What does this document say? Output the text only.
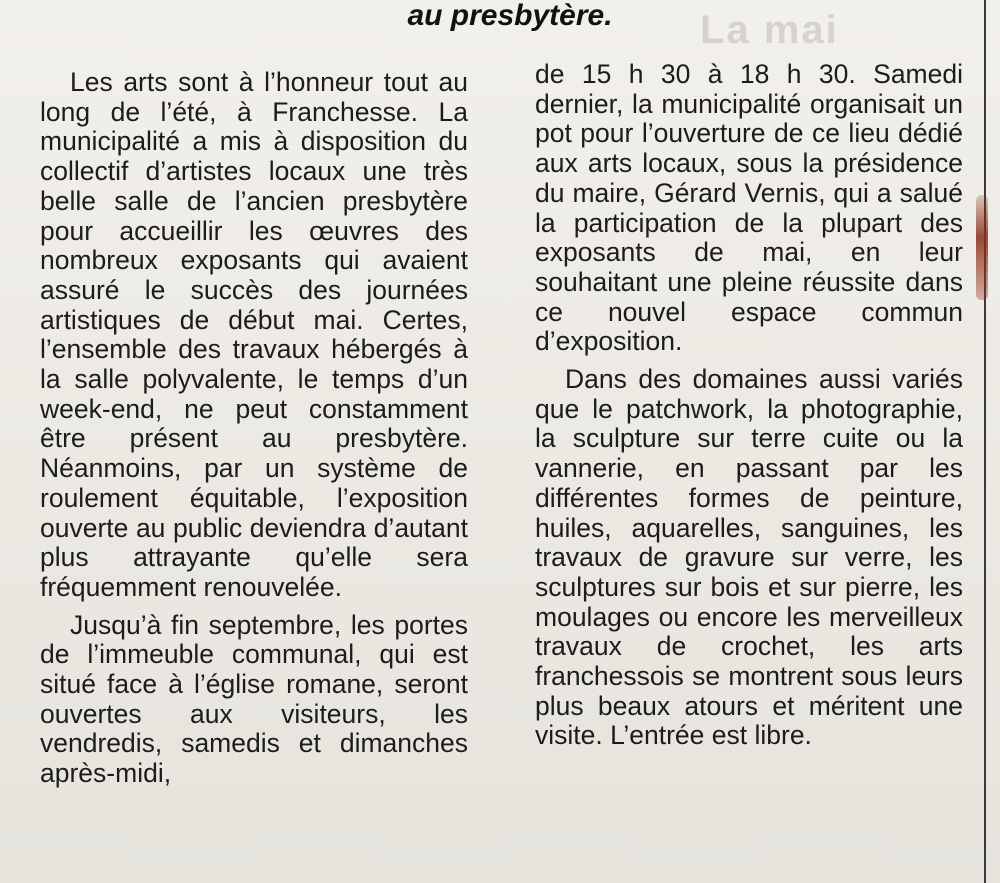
La mai
au presbytère.

Les arts sont à l’honneur tout au long de l’été, à Franchesse. La municipalité a mis à disposition du collectif d’artistes locaux une très belle salle de l’ancien presbytère pour accueillir les œuvres des nombreux exposants qui avaient assuré le succès des journées artistiques de début mai. Certes, l’ensemble des travaux hébergés à la salle polyvalente, le temps d’un week-end, ne peut constamment être présent au presbytère. Néanmoins, par un système de roulement équitable, l’exposition ouverte au public deviendra d’autant plus attrayante qu’elle sera fréquemment renouvelée.

Jusqu’à fin septembre, les portes de l’immeuble communal, qui est situé face à l’église romane, seront ouvertes aux visiteurs, les vendredis, samedis et dimanches après-midi,

de 15 h 30 à 18 h 30. Samedi dernier, la municipalité organisait un pot pour l’ouverture de ce lieu dédié aux arts locaux, sous la présidence du maire, Gérard Vernis, qui a salué la participation de la plupart des exposants de mai, en leur souhaitant une pleine réussite dans ce nouvel espace commun d’exposition.

Dans des domaines aussi variés que le patchwork, la photographie, la sculpture sur terre cuite ou la vannerie, en passant par les différentes formes de peinture, huiles, aquarelles, sanguines, les travaux de gravure sur verre, les sculptures sur bois et sur pierre, les moulages ou encore les merveilleux travaux de crochet, les arts franchessois se montrent sous leurs plus beaux atours et méritent une visite. L’entrée est libre.
